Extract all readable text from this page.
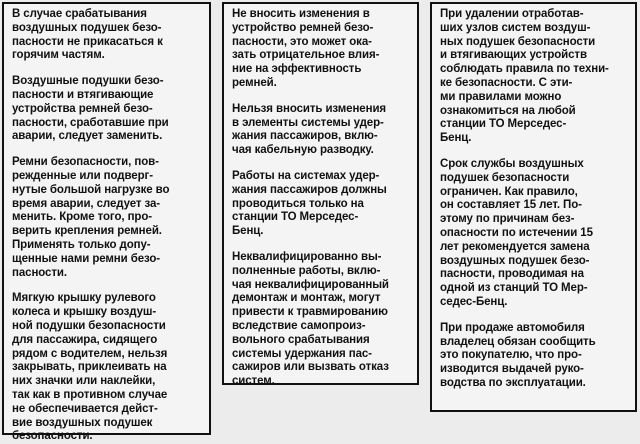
В случае срабатывания
воздушных подушек безо-
пасности не прикасаться к
горячим частям.

Воздушные подушки безо-
пасности и втягивающие
устройства ремней безо-
пасности, сработавшие при
аварии, следует заменить.

Ремни безопасности, пов-
режденные или подверг-
нутые большой нагрузке во
время аварии, следует за-
менить. Кроме того, про-
верить крепления ремней.
Применять только допу-
щенные нами ремни безо-
пасности.

Мягкую крышку рулевого
колеса и крышку воздуш-
ной подушки безопасности
для пассажира, сидящего
рядом с водителем, нельзя
закрывать, приклеивать на
них значки или наклейки,
так как в противном случае
не обеспечивается дейст-
вие воздушных подушек
безопасности.

Не вносить изменения в
устройство ремней безо-
пасности, это может ока-
зать отрицательное влия-
ние на эффективность
ремней.

Нельзя вносить изменения
в элементы системы удер-
жания пассажиров, вклю-
чая кабельную разводку.

Работы на системах удер-
жания пассажиров должны
проводиться только на
станции ТО Мерседес-
Бенц.

Неквалифицированно вы-
полненные работы, вклю-
чая неквалифицированный
демонтаж и монтаж, могут
привести к травмированию
вследствие самопроиз-
вольного срабатывания
системы удержания пас-
сажиров или вызвать отказ
систем.

При удалении отработав-
ших узлов систем воздуш-
ных подушек безопасности
и втягивающих устройств
соблюдать правила по техни-
ке безопасности. С эти-
ми правилами можно
ознакомиться на любой
станции ТО Мерседес-
Бенц.

Срок службы воздушных
подушек безопасности
ограничен. Как правило,
он составляет 15 лет. По-
этому по причинам без-
опасности по истечении 15
лет рекомендуется замена
воздушных подушек безо-
пасности, проводимая на
одной из станций ТО Мер-
седес-Бенц.

При продаже автомобиля
владелец обязан сообщить
это покупателю, что про-
изводится выдачей руко-
водства по эксплуатации.
